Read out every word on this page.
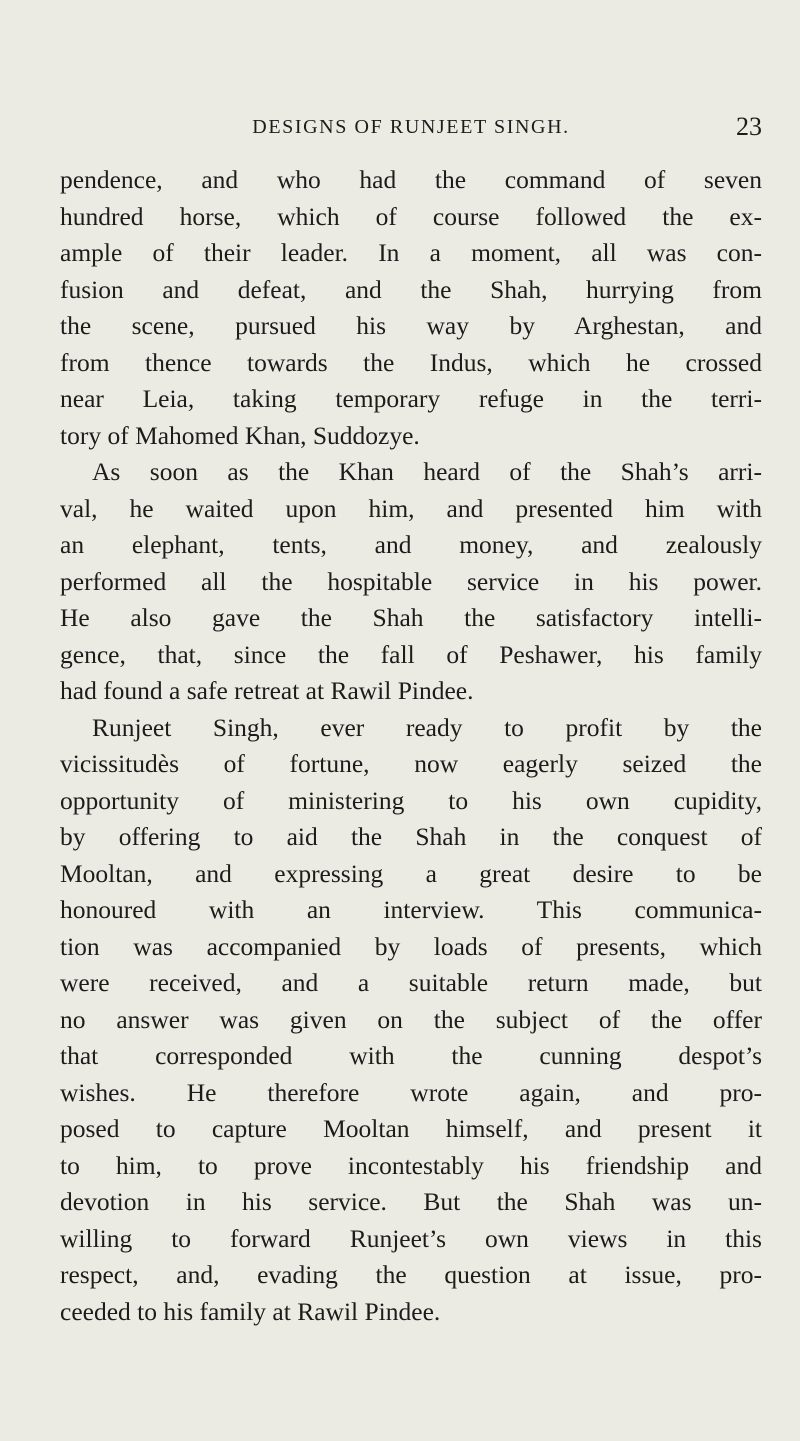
DESIGNS OF RUNJEET SINGH.	23
pendence, and who had the command of seven
hundred horse, which of course followed the ex-
ample of their leader. In a moment, all was con-
fusion and defeat, and the Shah, hurrying from
the scene, pursued his way by Arghestan, and
from thence towards the Indus, which he crossed
near Leia, taking temporary refuge in the terri-
tory of Mahomed Khan, Suddozye.
As soon as the Khan heard of the Shah’s arri-
val, he waited upon him, and presented him with
an elephant, tents, and money, and zealously
performed all the hospitable service in his power.
He also gave the Shah the satisfactory intelli-
gence, that, since the fall of Peshawer, his family
had found a safe retreat at Rawil Pindee.
Runjeet Singh, ever ready to profit by the
vicissitudès of fortune, now eagerly seized the
opportunity of ministering to his own cupidity,
by offering to aid the Shah in the conquest of
Mooltan, and expressing a great desire to be
honoured with an interview. This communica-
tion was accompanied by loads of presents, which
were received, and a suitable return made, but
no answer was given on the subject of the offer
that corresponded with the cunning despot’s
wishes. He therefore wrote again, and pro-
posed to capture Mooltan himself, and present it
to him, to prove incontestably his friendship and
devotion in his service. But the Shah was un-
willing to forward Runjeet’s own views in this
respect, and, evading the question at issue, pro-
ceeded to his family at Rawil Pindee.
